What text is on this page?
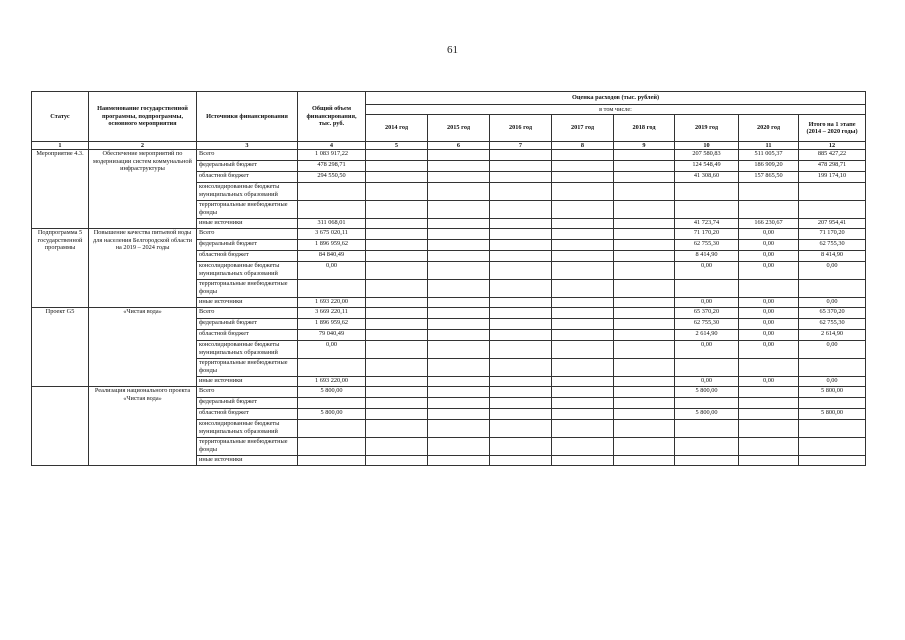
61
Статус	Наименование государственной программы, подпрограммы, основного мероприятия	Источники финансирования	Общий объем финансирования, тыс. руб.	Оценка расходов (тыс. рублей)							
				в том числе:							
				2014 год	2015 год	2016 год	2017 год	2018 год	2019 год	2020 год	Итого на 1 этапе (2014 – 2020 годы)
1	2	3	4	5	6	7	8	9	10	11	12
Мероприятие 4.3.	Обеспечение мероприятий по модернизации систем коммунальной инфраструктуры	Всего	1 083 917,22						207 580,83	511 005,37	885 427,22
		федеральный бюджет	478 298,71						124 548,49	186 909,20	478 298,71
		областной бюджет	294 550,50						41 308,60	157 865,50	199 174,10
		консолидированные бюджеты муниципальных образований									
		территориальные внебюджетные фонды									
		иные источники	311 068,01						41 723,74	166 230,67	207 954,41
Подпрограмма 5 государственной программы	Повышение качества питьевой воды для населения Белгородской области на 2019 – 2024 годы	Всего	3 675 020,11						71 170,20	0,00	71 170,20
		федеральный бюджет	1 896 959,62						62 755,30	0,00	62 755,30
		областной бюджет	84 840,49						8 414,90	0,00	8 414,90
		консолидированные бюджеты муниципальных образований	0,00						0,00	0,00	0,00
		территориальные внебюджетные фонды									
		иные источники	1 693 220,00						0,00	0,00	0,00
Проект G5	«Чистая вода»	Всего	3 669 220,11						65 370,20	0,00	65 370,20
		федеральный бюджет	1 896 959,62						62 755,30	0,00	62 755,30
		областной бюджет	79 040,49						2 614,90	0,00	2 614,90
		консолидированные бюджеты муниципальных образований	0,00						0,00	0,00	0,00
		территориальные внебюджетные фонды									
		иные источники	1 693 220,00						0,00	0,00	0,00
	Реализация национального проекта «Чистая вода»	Всего	5 800,00						5 800,00		5 800,00
		федеральный бюджет									
		областной бюджет	5 800,00						5 800,00		5 800,00
		консолидированные бюджеты муниципальных образований									
		территориальные внебюджетные фонды									
		иные источники									
